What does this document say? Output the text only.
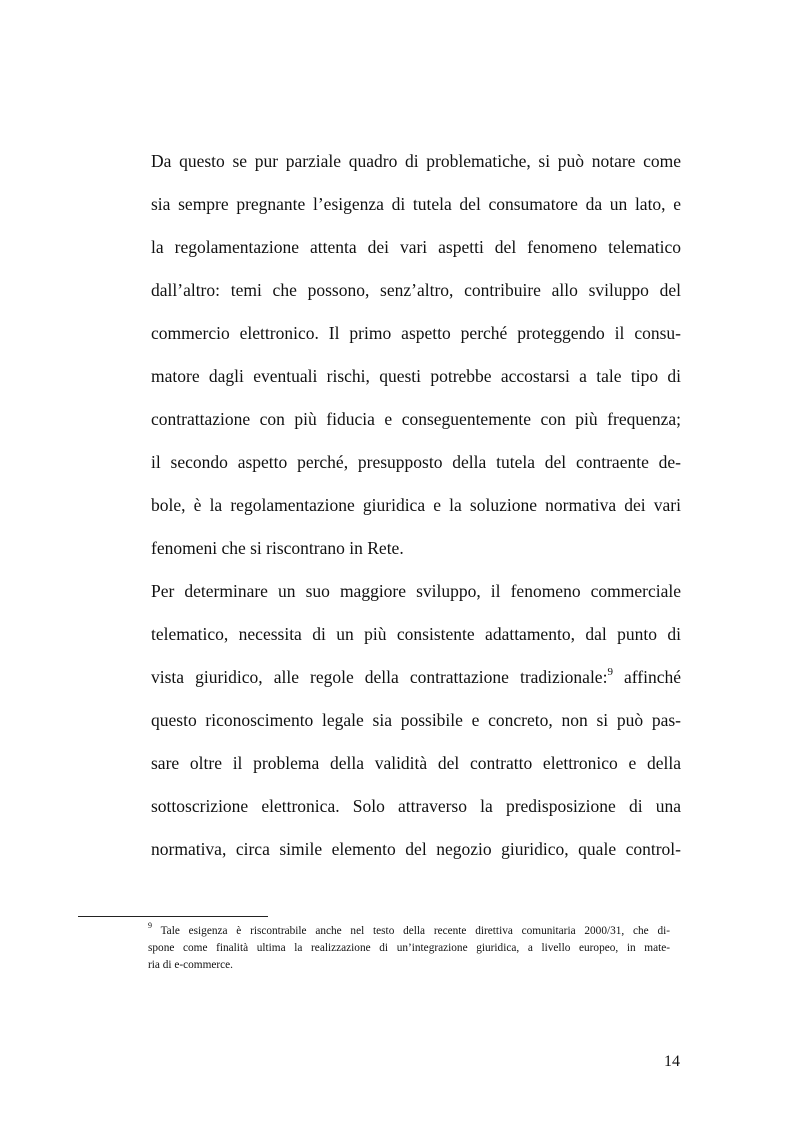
Da questo se pur parziale quadro di problematiche, si può notare come
sia sempre pregnante l’esigenza di tutela del consumatore da un lato, e
la regolamentazione attenta dei vari aspetti del fenomeno telematico
dall’altro: temi che possono, senz’altro, contribuire allo sviluppo del
commercio elettronico. Il primo aspetto perché proteggendo il consu-
matore dagli eventuali rischi, questi potrebbe accostarsi a tale tipo di
contrattazione con più fiducia e conseguentemente con più frequenza;
il secondo aspetto perché, presupposto della tutela del contraente de-
bole, è la regolamentazione giuridica e la soluzione normativa dei vari
fenomeni che si riscontrano in Rete.
Per determinare un suo maggiore sviluppo, il fenomeno commerciale
telematico, necessita di un più consistente adattamento, dal punto di
vista giuridico, alle regole della contrattazione tradizionale:$^9$ affinché
questo riconoscimento legale sia possibile e concreto, non si può pas-
sare oltre il problema della validità del contratto elettronico e della
sottoscrizione elettronica. Solo attraverso la predisposizione di una
normativa, circa simile elemento del negozio giuridico, quale control-
$^9$ Tale esigenza è riscontrabile anche nel testo della recente direttiva comunitaria 2000/31, che di-
spone come finalità ultima la realizzazione di un’integrazione giuridica, a livello europeo, in mate-
ria di e-commerce.
14
